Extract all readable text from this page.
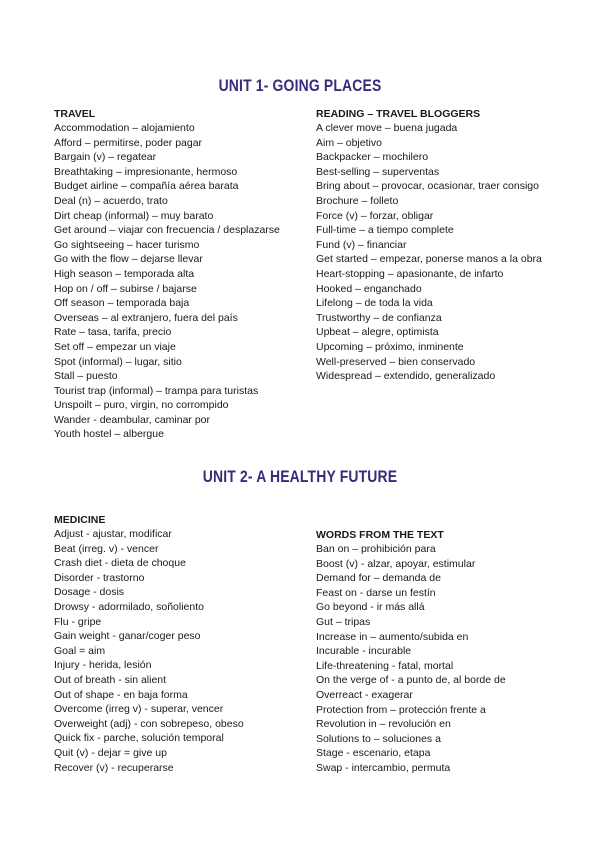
UNIT 1- GOING PLACES
TRAVEL
Accommodation – alojamiento
Afford – permitirse, poder pagar
Bargain (v) – regatear
Breathtaking – impresionante, hermoso
Budget airline – compañía aérea barata
Deal (n) – acuerdo, trato
Dirt cheap (informal) – muy barato
Get around – viajar con frecuencia / desplazarse
Go sightseeing – hacer turismo
Go with the flow – dejarse llevar
High season – temporada alta
Hop on / off – subirse / bajarse
Off season – temporada baja
Overseas – al extranjero, fuera del país
Rate – tasa, tarifa, precio
Set off – empezar un viaje
Spot (informal) – lugar, sitio
Stall – puesto
Tourist trap (informal) – trampa para turistas
Unspoilt – puro, virgin, no corrompido
Wander - deambular, caminar por
Youth hostel – albergue
READING – TRAVEL BLOGGERS
A clever move – buena jugada
Aim – objetivo
Backpacker – mochilero
Best-selling – superventas
Bring about – provocar, ocasionar, traer consigo
Brochure – folleto
Force (v) – forzar, obligar
Full-time – a tiempo complete
Fund (v) – financiar
Get started – empezar, ponerse manos a la obra
Heart-stopping – apasionante, de infarto
Hooked – enganchado
Lifelong – de toda la vida
Trustworthy – de confianza
Upbeat – alegre, optimista
Upcoming – próximo, inminente
Well-preserved – bien conservado
Widespread – extendido, generalizado
UNIT 2- A HEALTHY FUTURE
MEDICINE
Adjust - ajustar, modificar
Beat (irreg. v) - vencer
Crash diet - dieta de choque
Disorder - trastorno
Dosage - dosis
Drowsy - adormilado, soñoliento
Flu - gripe
Gain weight - ganar/coger peso
Goal = aim
Injury - herida, lesión
Out of breath - sin alient
Out of shape - en baja forma
Overcome (irreg v) - superar, vencer
Overweight (adj) - con sobrepeso, obeso
Quick fix - parche, solución temporal
Quit (v) - dejar = give up
Recover (v) - recuperarse
WORDS FROM THE TEXT
Ban on – prohibición para
Boost (v) - alzar, apoyar, estimular
Demand for – demanda de
Feast on - darse un festín
Go beyond - ir más allá
Gut – tripas
Increase in – aumento/subida en
Incurable - incurable
Life-threatening - fatal, mortal
On the verge of - a punto de, al borde de
Overreact - exagerar
Protection from – protección frente a
Revolution in – revolución en
Solutions to – soluciones a
Stage - escenario, etapa
Swap - intercambio, permuta
